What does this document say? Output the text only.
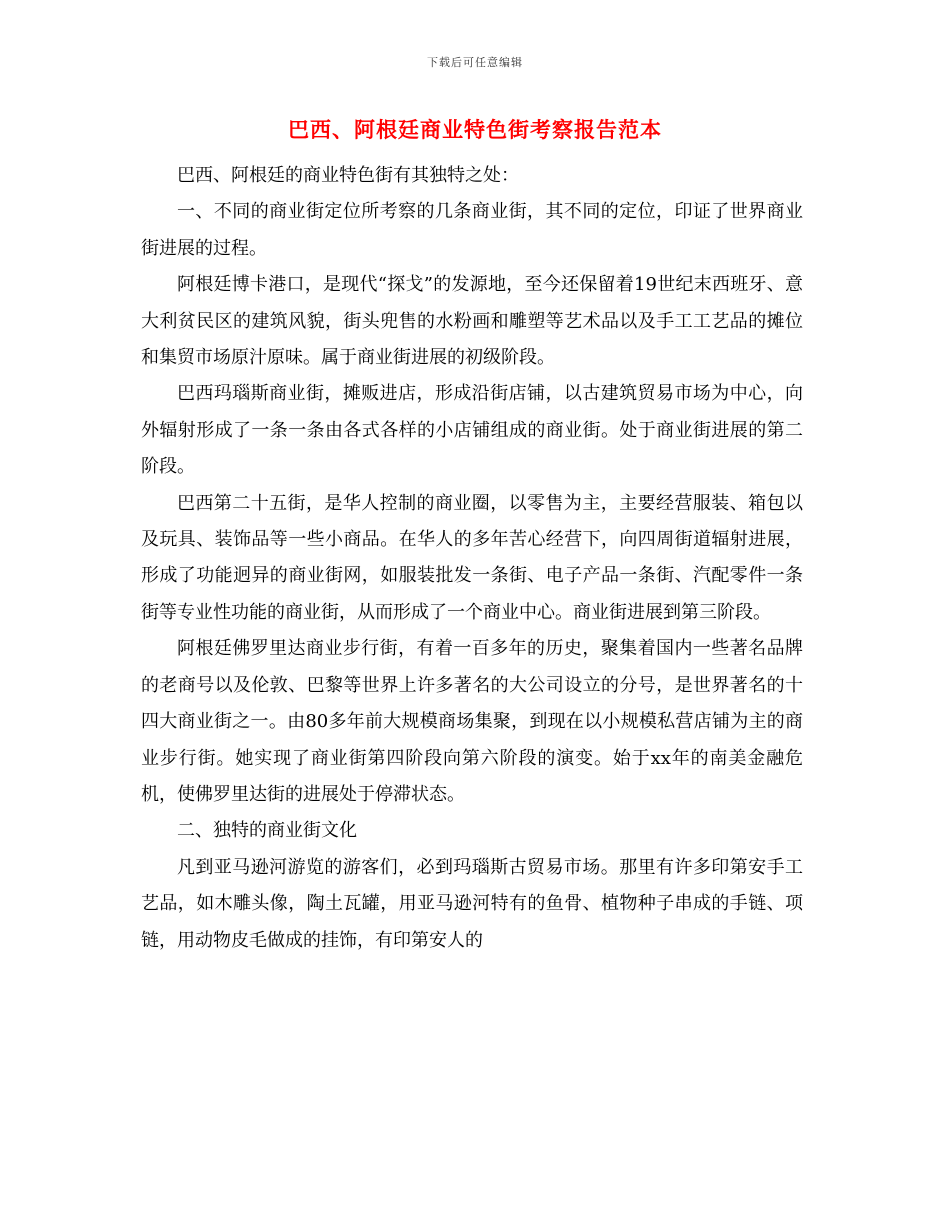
下载后可任意编辑
巴西、阿根廷商业特色街考察报告范本

巴西、阿根廷的商业特色街有其独特之处：

一、不同的商业街定位所考察的几条商业街，其不同的定位，印证了世界商业街进展的过程。

阿根廷博卡港口，是现代“探戈”的发源地，至今还保留着19世纪末西班牙、意大利贫民区的建筑风貌，街头兜售的水粉画和雕塑等艺术品以及手工工艺品的摊位和集贸市场原汁原味。属于商业街进展的初级阶段。

巴西玛瑙斯商业街，摊贩进店，形成沿街店铺，以古建筑贸易市场为中心，向外辐射形成了一条一条由各式各样的小店铺组成的商业街。处于商业街进展的第二阶段。

巴西第二十五街，是华人控制的商业圈，以零售为主，主要经营服装、箱包以及玩具、装饰品等一些小商品。在华人的多年苦心经营下，向四周街道辐射进展，形成了功能迥异的商业街网，如服装批发一条街、电子产品一条街、汽配零件一条街等专业性功能的商业街，从而形成了一个商业中心。商业街进展到第三阶段。

阿根廷佛罗里达商业步行街，有着一百多年的历史，聚集着国内一些著名品牌的老商号以及伦敦、巴黎等世界上许多著名的大公司设立的分号，是世界著名的十四大商业街之一。由80多年前大规模商场集聚，到现在以小规模私营店铺为主的商业步行街。她实现了商业街第四阶段向第六阶段的演变。始于xx年的南美金融危机，使佛罗里达街的进展处于停滞状态。

二、独特的商业街文化

凡到亚马逊河游览的游客们，必到玛瑙斯古贸易市场。那里有许多印第安手工艺品，如木雕头像，陶土瓦罐，用亚马逊河特有的鱼骨、植物种子串成的手链、项链，用动物皮毛做成的挂饰，有印第安人的
